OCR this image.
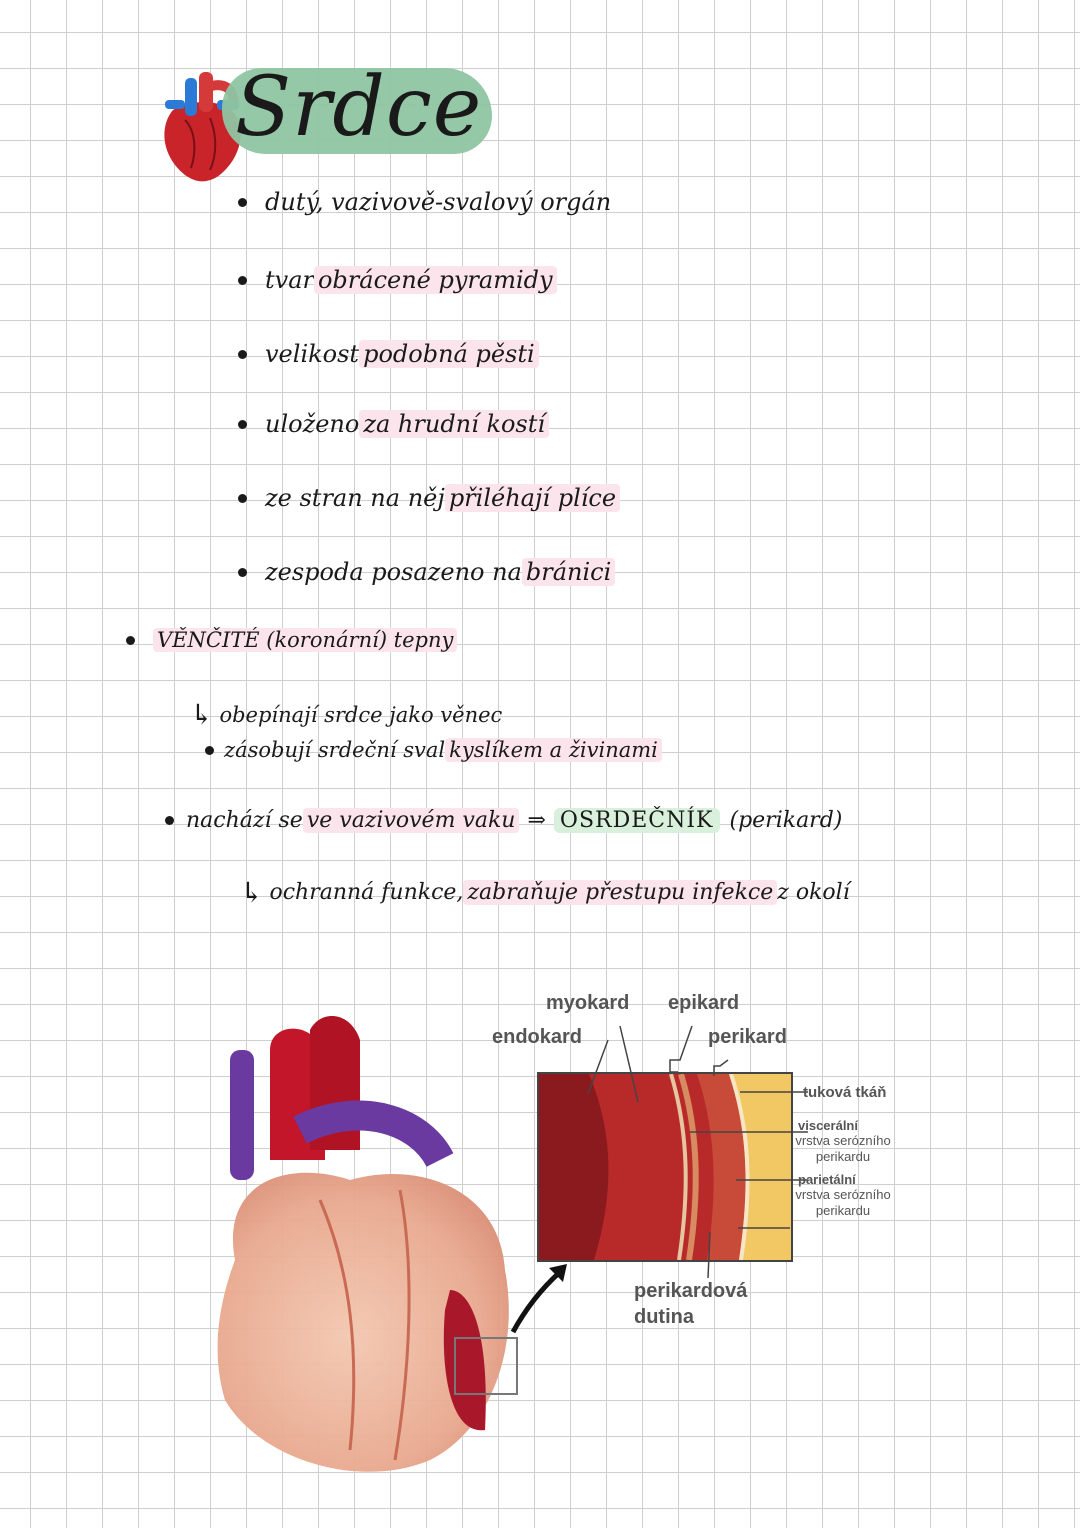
Srdce
dutý, vazivově-svalový orgán
tvar obrácené pyramidy
velikost podobná pěsti
uloženo za hrudní kostí
ze stran na něj přiléhají plíce
zespoda posazeno na bránici
VĚNČITÉ (koronární) tepny
↳ obepínají srdce jako věnec
zásobují srdeční sval kyslíkem a živinami
nachází se ve vazivovém vaku ⇒ OSRDEČNÍK (perikard)
↳ ochranná funkce, zabraňuje přestupu infekce z okolí
myokard epikard
endokard	perikard
tuková tkáň
viscerální
vrstva serózního
perikardu
parietální
vrstva serózního
perikardu
perikardová
dutina
